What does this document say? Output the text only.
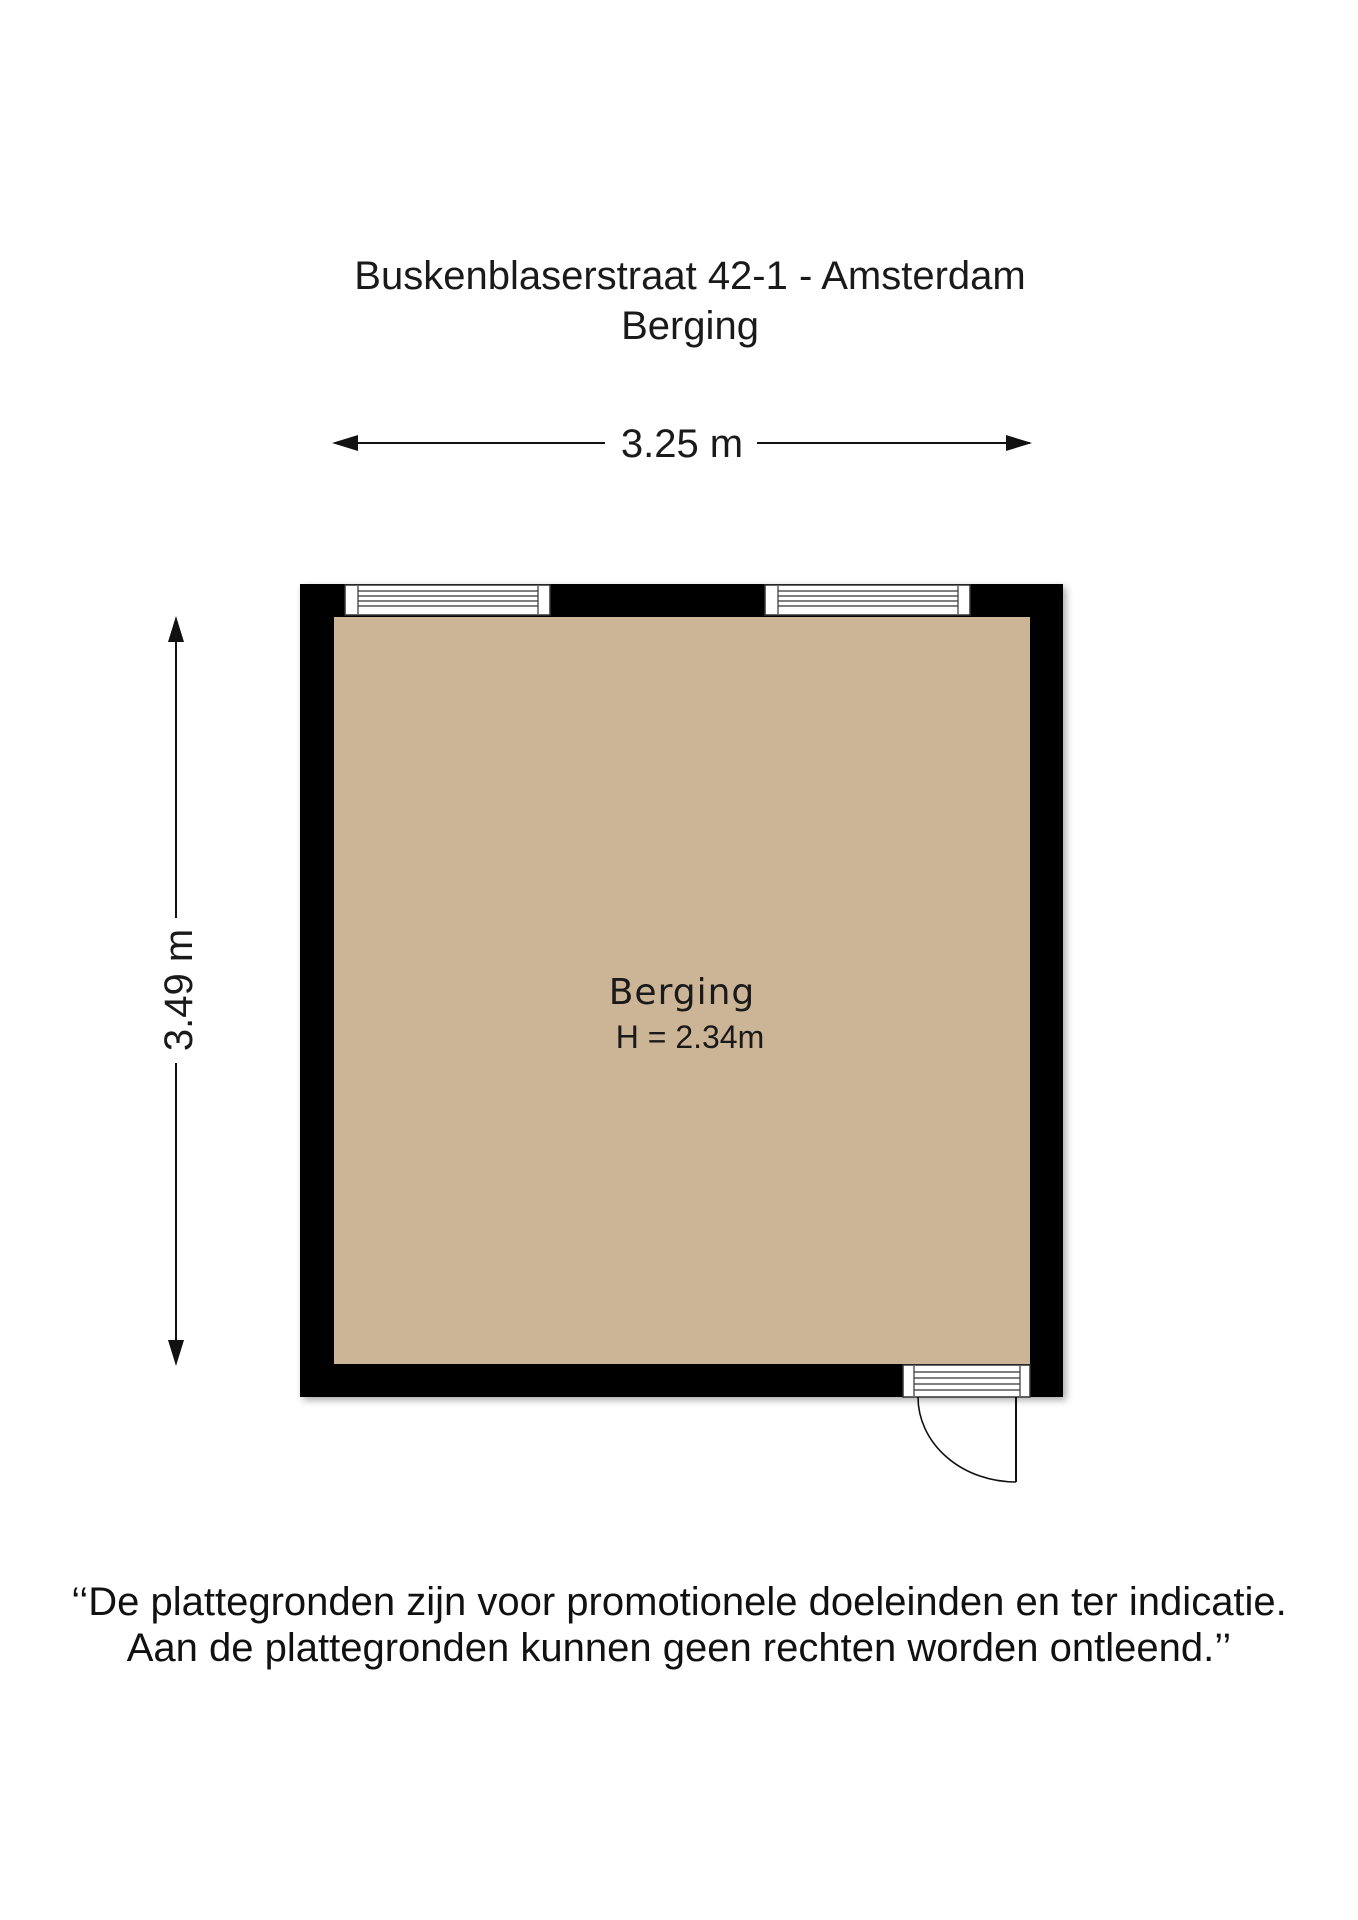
Buskenblaserstraat 42-1 - Amsterdam
Berging
3.25 m
3.49 m	Berging
H = 2.34m
‘‘De plattegronden zijn voor promotionele doeleinden en ter indicatie.
Aan de plattegronden kunnen geen rechten worden ontleend.’’
